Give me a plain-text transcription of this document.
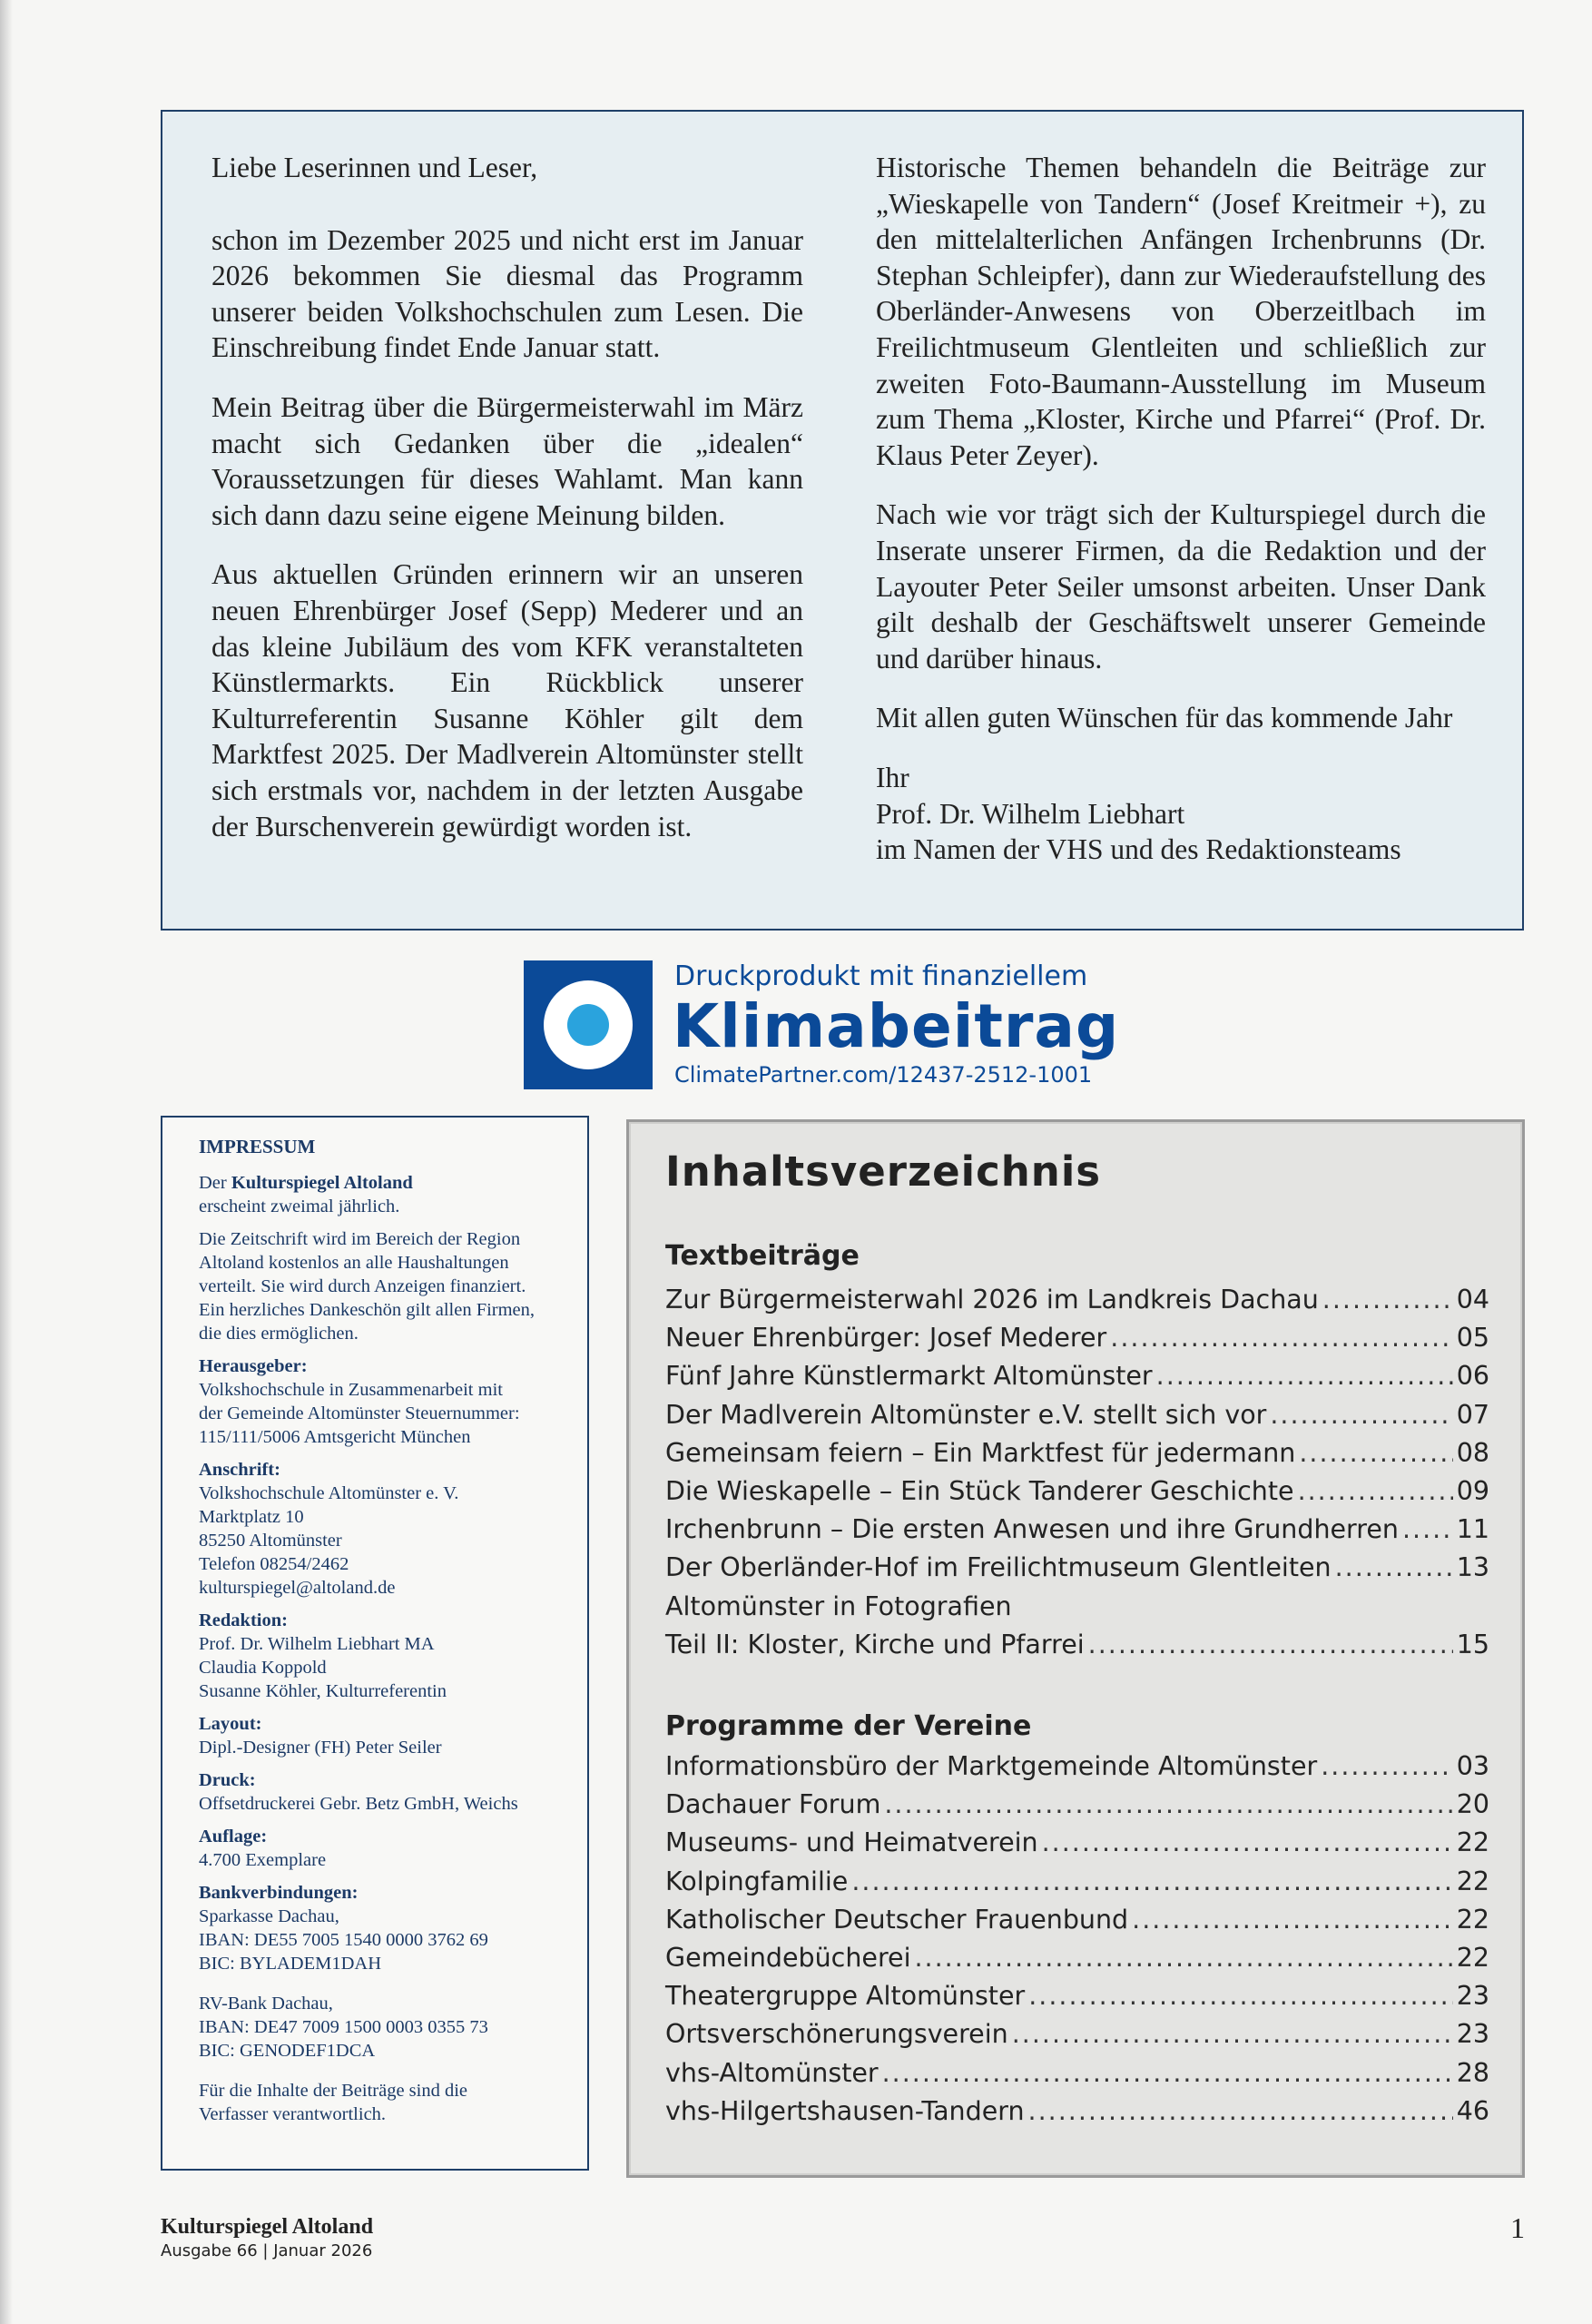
Liebe Leserinnen und Leser,

schon im Dezember 2025 und nicht erst im Januar 2026 bekommen Sie diesmal das Programm unserer beiden Volkshochschulen zum Lesen. Die Einschreibung findet Ende Januar statt.

Mein Beitrag über die Bürgermeisterwahl im März macht sich Gedanken über die „idealen“ Voraussetzungen für dieses Wahlamt. Man kann sich dann dazu seine eigene Meinung bilden.

Aus aktuellen Gründen erinnern wir an unseren neuen Ehrenbürger Josef (Sepp) Mederer und an das kleine Jubiläum des vom KFK veranstalteten Künstlermarkts. Ein Rückblick unserer Kulturreferentin Susanne Köhler gilt dem Marktfest 2025. Der Madlverein Altomünster stellt sich erstmals vor, nachdem in der letzten Ausgabe der Burschenverein gewürdigt worden ist.

Historische Themen behandeln die Beiträge zur „Wieskapelle von Tandern“ (Josef Kreitmeir +), zu den mittelalterlichen Anfängen Irchenbrunns (Dr. Stephan Schleipfer), dann zur Wiederaufstellung des Oberländer-Anwesens von Oberzeitlbach im Freilichtmuseum Glentleiten und schließlich zur zweiten Foto-Baumann-Ausstellung im Museum zum Thema „Kloster, Kirche und Pfarrei“ (Prof. Dr. Klaus Peter Zeyer).

Nach wie vor trägt sich der Kulturspiegel durch die Inserate unserer Firmen, da die Redaktion und der Layouter Peter Seiler umsonst arbeiten. Unser Dank gilt deshalb der Geschäftswelt unserer Gemeinde und darüber hinaus.

Mit allen guten Wünschen für das kommende Jahr

Ihr
Prof. Dr. Wilhelm Liebhart
im Namen der VHS und des Redaktionsteams

Druckprodukt mit finanziellem
Klimabeitrag
ClimatePartner.com/12437-2512-1001
IMPRESSUM
Der Kulturspiegel Altoland
erscheint zweimal jährlich.
Die Zeitschrift wird im Bereich der Region
Altoland kostenlos an alle Haushaltungen
verteilt. Sie wird durch Anzeigen finanziert.
Ein herzliches Dankeschön gilt allen Firmen,
die dies ermöglichen.
Herausgeber:
Volkshochschule in Zusammenarbeit mit
der Gemeinde Altomünster Steuernummer:
115/111/5006 Amtsgericht München
Anschrift:
Volkshochschule Altomünster e. V.
Marktplatz 10
85250 Altomünster
Telefon 08254/2462
kulturspiegel@altoland.de
Redaktion:
Prof. Dr. Wilhelm Liebhart MA
Claudia Koppold
Susanne Köhler, Kulturreferentin
Layout:
Dipl.-Designer (FH) Peter Seiler
Druck:
Offsetdruckerei Gebr. Betz GmbH, Weichs
Auflage:
4.700 Exemplare
Bankverbindungen:
Sparkasse Dachau,
IBAN: DE55 7005 1540 0000 3762 69
BIC: BYLADEM1DAH
RV-Bank Dachau,
IBAN: DE47 7009 1500 0003 0355 73
BIC: GENODEF1DCA
Für die Inhalte der Beiträge sind die
Verfasser verantwortlich.
Inhaltsverzeichnis
Textbeiträge
Zur Bürgermeisterwahl 2026 im Landkreis Dachau .....	04
Neuer Ehrenbürger: Josef Mederer .....	05
Fünf Jahre Künstlermarkt Altomünster .....	06
Der Madlverein Altomünster e.V. stellt sich vor .....	07
Gemeinsam feiern – Ein Marktfest für jedermann .....	08
Die Wieskapelle – Ein Stück Tanderer Geschichte .....	09
Irchenbrunn – Die ersten Anwesen und ihre Grundherren ..... 11
Der Oberländer-Hof im Freilichtmuseum Glentleiten .....	13
Altomünster in Fotografien
Teil II: Kloster, Kirche und Pfarrei .....	15
Programme der Vereine
Informationsbüro der Marktgemeinde Altomünster .....	03
Dachauer Forum .....	20
Museums- und Heimatverein .....	22
Kolpingfamilie .....	22
Katholischer Deutscher Frauenbund .....	22
Gemeindebücherei .....	22
Theatergruppe Altomünster .....	23
Ortsverschönerungsverein .....	23
vhs-Altomünster .....	28
vhs-Hilgertshausen-Tandern .....	46
Kulturspiegel Altoland
Ausgabe 66 | Januar 2026
1
